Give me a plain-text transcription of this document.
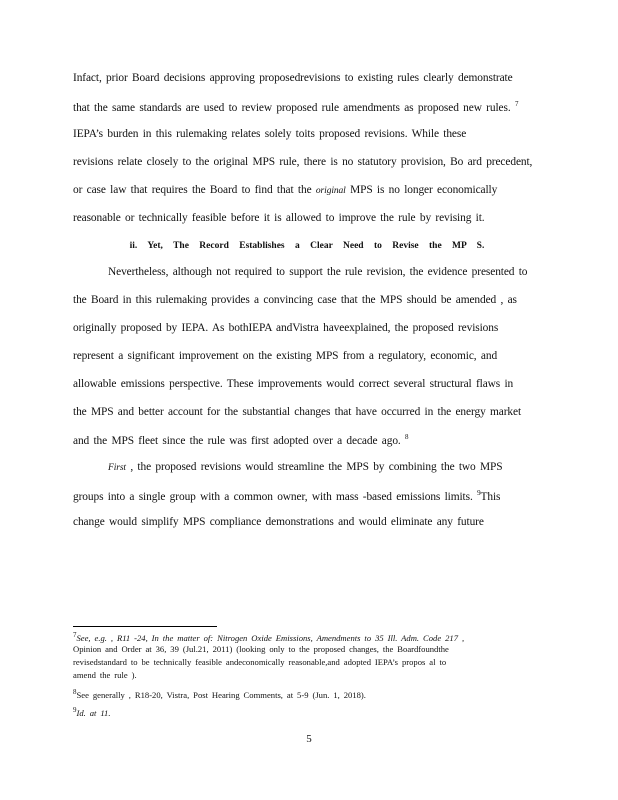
Infact, prior Board decisions approving proposedrevisions to existing rules clearly demonstrate
that the same standards are used to review proposed rule amendments as proposed new rules. $^7$
IEPA’s burden in this rulemaking relates solely toits proposed revisions. While these
revisions relate closely to the original MPS rule, there is no statutory provision, Bo ard precedent,
or case law that requires the Board to find that the original MPS is no longer economically
reasonable or technically feasible before it is allowed to improve the rule by revising it.
ii. Yet, The Record Establishes a Clear Need to Revise the MP S.
Nevertheless, although not required to support the rule revision, the evidence presented to
the Board in this rulemaking provides a convincing case that the MPS should be amended , as
originally proposed by IEPA. As bothIEPA andVistra haveexplained, the proposed revisions
represent a significant improvement on the existing MPS from a regulatory, economic, and
allowable emissions perspective. These improvements would correct several structural flaws in
the MPS and better account for the substantial changes that have occurred in the energy market
and the MPS fleet since the rule was first adopted over a decade ago. $^8$
First , the proposed revisions would streamline the MPS by combining the two MPS
groups into a single group with a common owner, with mass -based emissions limits. $^9$This
change would simplify MPS compliance demonstrations and would eliminate any future
$^7$See, e.g. , R11 -24, In the matter of: Nitrogen Oxide Emissions, Amendments to 35 Ill. Adm. Code 217 ,
Opinion and Order at 36, 39 (Jul.21, 2011) (looking only to the proposed changes, the Boardfoundthe
revisedstandard to be technically feasible andeconomically reasonable,and adopted IEPA’s propos al to
amend the rule ).
$^8$See generally , R18-20, Vistra, Post Hearing Comments, at 5-9 (Jun. 1, 2018).
$^9$Id. at 11.
5
